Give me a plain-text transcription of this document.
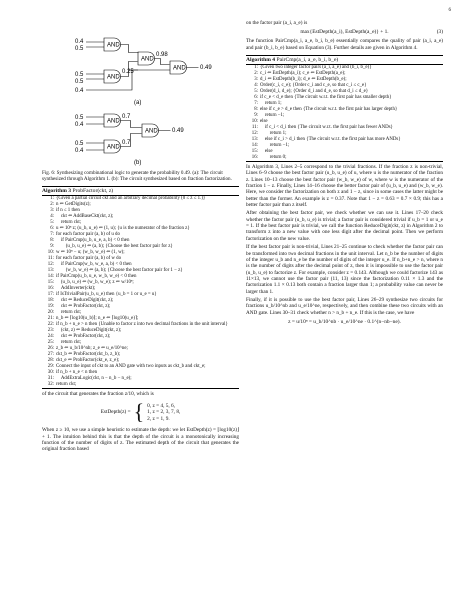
6
AND
AND
AND
AND
AND
AND
AND
0.4
0.5
0.5
0.5
0.4
0.25
0.98
0.49
(a)
0.5
0.4
0.5
0.4
0.7
0.7
0.49
(b)
Fig. 6: Synthesizing combinational logic to generate the probability 0.49. (a): The circuit synthesized through Algorithm 1. (b): The circuit synthesized based on fraction factorization.
Algorithm 3 ProbFactor(ckt, z)
1: {Given a partial circuit ckt and an arbitrary decimal probability (0 ≤ z ≤ 1.)}
2: n ⇐ GetDigits(z);
3: if n ≤ 1 then
4: ckt ⇐ AddBaseCkt(ckt, z);
5: return ckt;
6: u ⇐ 10ⁿ z; (u_b, u_e) ⇐ (1, u); {u is the numerator of the fraction z}
7: for each factor pair (a, b) of u do
8: if PairCmp(u_b, u_e, a, b) < 0 then
9: (u_b, u_e) ⇐ (a, b); {Choose the best factor pair for z}
10: w ⇐ 10ⁿ − u; (w_b, w_e) ⇐ (1, w);
11: for each factor pair (a, b) of w do
12: if PairCmp(w_b, w_e, a, b) < 0 then
13: (w_b, w_e) ⇐ (a, b); {Choose the best factor pair for 1 − z}
14: if PairCmp(u_b, u_e, w_b, w_e) < 0 then
15: (u_b, u_e) ⇐ (w_b, w_e); z ⇐ w/10ⁿ;
16: AddInverter(ckt);
17: if IsTrivialPair(u_b, u_e) then {u_b = 1 or u_e = u}
18: ckt ⇐ ReduceDigit(ckt, z);
19: ckt ⇐ ProbFactor(ckt, z);
20: return ckt;
21: n_b ⇐ ⌈log10(u_b)⌉; n_e ⇐ ⌈log10(u_e)⌉;
22: if n_b + n_e > n then {Unable to factor z into two decimal fractions in the unit interval}
23: (ckt, z) ⇐ ReduceDigit(ckt, z);
24: ckt ⇐ ProbFactor(ckt, z);
25: return ckt;
26: z_b ⇐ u_b/10^nb; z_e ⇐ u_e/10^ne;
27: ckt_b ⇐ ProbFactor(ckt_b, z_b);
28: ckt_e ⇐ ProbFactor(ckt_e, z_e);
29: Connect the input of ckt to an AND gate with two inputs as ckt_b and ckt_e;
30: if n_b + n_e < n then
31: AddExtraLogic(ckt, n − n_b − n_e);
32: return ckt;
of the circuit that generates the fraction z/10, which is
EstDepth(z) = { 0, z = 4, 5, 6,
1, z = 2, 3, 7, 8,
2, z = 1, 9.
When z ≥ 10, we use a simple heuristic to estimate the depth: we let EstDepth(z) = ⌊log10(z)⌋ + 1. The intuition behind this is that the depth of the circuit is a monotonically increasing function of the number of digits of z. The estimated depth of the circuit that generates the original fraction based
on the factor pair (a_i, a_e) is
max{EstDepth(a_i), EstDepth(a_e)} + 1.	(3)
The function PairCmp(a_i, a_e, b_i, b_e) essentially compares the quality of pair (a_i, a_e) and pair (b_i, b_e) based on Equation (3). Further details are given in Algorithm 4.
Algorithm 4 PairCmp(a_i, a_e, b_i, b_e)
1: {Given two integer factor pairs (a_i, a_e) and (b_i, b_e)}
2: c_i ⇐ EstDepth(a_i); c_e ⇐ EstDepth(a_e);
3: d_i ⇐ EstDepth(b_i); d_e ⇐ EstDepth(b_e);
4: Order(c_i, c_e); {Order c_i and c_e, so that c_i ≤ c_e}
5: Order(d_i, d_e); {Order d_i and d_e, so that d_i ≤ d_e}
6: if c_e < d_e then {The circuit w.r.t. the first pair has smaller depth}
7: return 1;
8: else if c_e > d_e then {The circuit w.r.t. the first pair has larger depth}
9: return −1;
10: else
11: if c_i < d_i then {The circuit w.r.t. the first pair has fewer ANDs}
12: return 1;
13: else if c_i > d_i then {The circuit w.r.t. the first pair has more ANDs}
14: return −1;
15: else
16: return 0;
In Algorithm 3, Lines 2–5 correspond to the trivial fractions. If the fraction z is non-trivial, Lines 6–9 choose the best factor pair (u_b, u_e) of u, where u is the numerator of the fraction z. Lines 10–13 choose the best factor pair (w_b, w_e) of w, where w is the numerator of the fraction 1 − z. Finally, Lines 14–16 choose the better factor pair of (u_b, u_e) and (w_b, w_e). Here, we consider the factorization on both z and 1 − z, since in some cases the latter might be better than the former. An example is z = 0.37. Note that 1 − z = 0.63 = 0.7 × 0.9; this has a better factor pair than z itself.
After obtaining the best factor pair, we check whether we can use it. Lines 17–20 check whether the factor pair (u_b, u_e) is trivial; a factor pair is considered trivial if u_b = 1 or u_e = 1. If the best factor pair is trivial, we call the function ReduceDigit(ckt, z) in Algorithm 2 to transform z into a new value with one less digit after the decimal point. Then we perform factorization on the new value.
If the best factor pair is non-trivial, Lines 21–25 continue to check whether the factor pair can be transformed into two decimal fractions in the unit interval. Let n_b be the number of digits of the integer u_b and n_e be the number of digits of the integer u_e. If n_b+n_e > n, where n is the number of digits after the decimal point of z, then it is impossible to use the factor pair (u_b, u_e) to factorize z. For example, consider z = 0.143. Although we could factorize 143 as 11×13, we cannot use the factor pair (11, 13) since the factorization 0.11 × 1.3 and the factorization 1.1 × 0.13 both contain a fraction larger than 1; a probability value can never be larger than 1.
Finally, if it is possible to use the best factor pair, Lines 26–29 synthesize two circuits for fractions u_b/10^nb and u_e/10^ne, respectively, and then combine these two circuits with an AND gate. Lines 30–31 check whether n > n_b + n_e. If this is the case, we have
z = u/10ⁿ = u_b/10^nb · u_e/10^ne · 0.1^(n−nb−ne).
